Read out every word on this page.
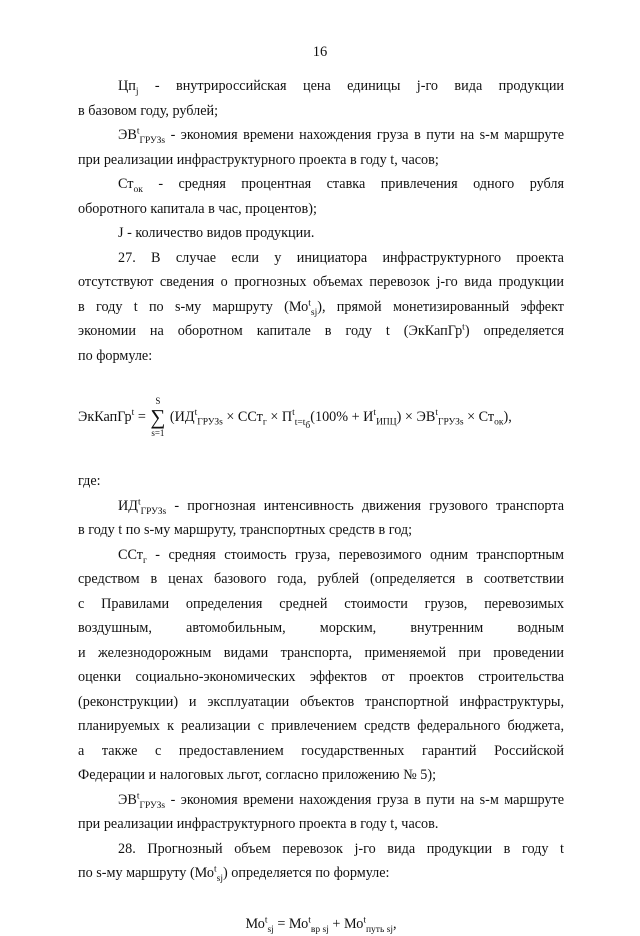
16

$Цп_j$ - внутрироссийская цена единицы j-го вида продукции

в базовом году, рублей;

$ЭВ^t_{ГРУЗs}$ - экономия времени нахождения груза в пути на s-м маршруте

при реализации инфраструктурного проекта в году t, часов;

$Ст_{ок}$ - средняя процентная ставка привлечения одного рубля

оборотного капитала в час, процентов);

J - количество видов продукции.

27. В случае если у инициатора инфраструктурного проекта

отсутствуют сведения о прогнозных объемах перевозок j-го вида продукции

в году t по s-му маршруту $(Мо^t_{sj})$, прямой монетизированный эффект

экономии на оборотном капитале в году t (ЭкКапГр$^t$) определяется

по формуле:

ЭкКапГр$^t$ =
S
∑
s=1
$(ИД^t_{ГРУЗs} \times ССт_г \times П^t_{t=t_б}(100\% + И^t_{ИПЦ}) \times ЭВ^t_{ГРУЗs} \times Ст_{ок})$,

где:

$ИД^t_{ГРУЗs}$ - прогнозная интенсивность движения грузового транспорта

в году t по s-му маршруту, транспортных средств в год;

ССт$_г$ - средняя стоимость груза, перевозимого одним транспортным

средством в ценах базового года, рублей (определяется в соответствии

с Правилами определения средней стоимости грузов, перевозимых

воздушным, автомобильным, морским, внутренним водным

и железнодорожным видами транспорта, применяемой при проведении

оценки социально-экономических эффектов от проектов строительства

(реконструкции) и эксплуатации объектов транспортной инфраструктуры,

планируемых к реализации с привлечением средств федерального бюджета,

а также с предоставлением государственных гарантий Российской

Федерации и налоговых льгот, согласно приложению № 5);

$ЭВ^t_{ГРУЗs}$ - экономия времени нахождения груза в пути на s-м маршруте

при реализации инфраструктурного проекта в году t, часов.

28. Прогнозный объем перевозок j-го вида продукции в году t

по s-му маршруту $(Мо^t_{sj})$ определяется по формуле:

$Мо^t_{sj} = Мо^t_{вр sj} + Мо^t_{путь sj}$,
